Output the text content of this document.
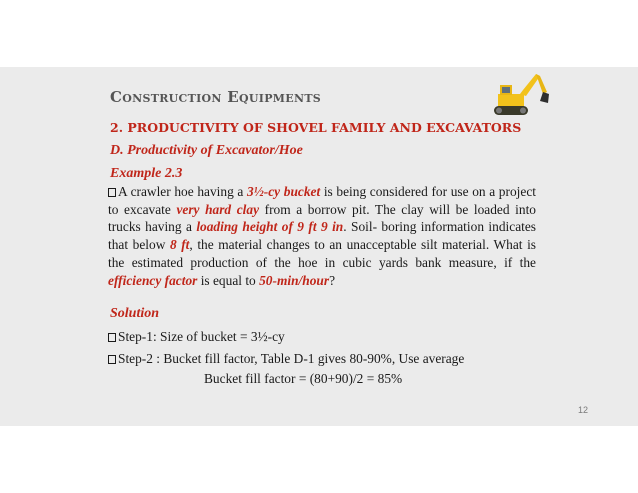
Construction Equipments
2. PRODUCTIVITY OF SHOVEL FAMILY AND EXCAVATORS
D. Productivity of Excavator/Hoe
Example 2.3
A crawler hoe having a 3½-cy bucket is being considered for use on a project to excavate very hard clay from a borrow pit. The clay will be loaded into trucks having a loading height of 9 ft 9 in. Soil- boring information indicates that below 8 ft, the material changes to an unacceptable silt material. What is the estimated production of the hoe in cubic yards bank measure, if the efficiency factor is equal to 50-min/hour?
Solution
Step-1: Size of bucket = 3½-cy
Step-2 : Bucket fill factor, Table D-1 gives 80-90%, Use average
Bucket fill factor = (80+90)/2 = 85%
12
